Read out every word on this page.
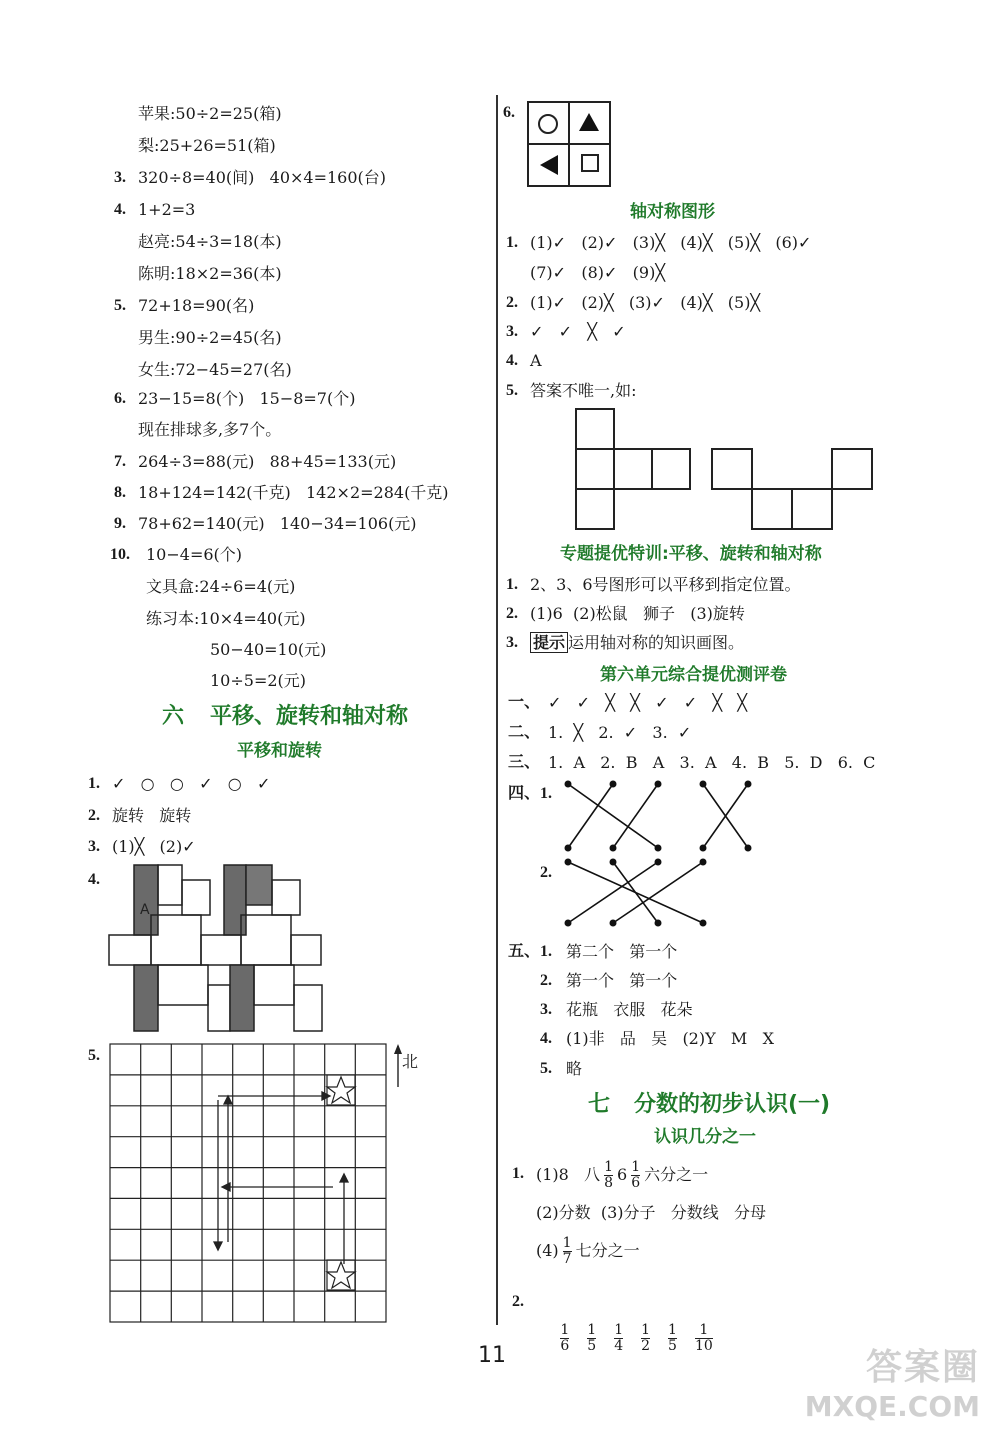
苹果:50÷2=25(箱)
梨:25+26=51(箱)
3. 320÷8=40(间)   40×4=160(台)
4. 1+2=3
赵亮:54÷3=18(本)
陈明:18×2=36(本)
5. 72+18=90(名)
男生:90÷2=45(名)
女生:72−45=27(名)
6. 23−15=8(个)   15−8=7(个)
现在排球多,多7个。
7. 264÷3=88(元)   88+45=133(元)
8. 18+124=142(千克)   142×2=284(千克)
9. 78+62=140(元)   140−34=106(元)
10. 10−4=6(个)
文具盒:24÷6=4(元)
练习本:10×4=40(元)
50−40=10(元)
10÷5=2(元)
六 平移、旋转和轴对称
平移和旋转
1. ✓   ○   ○   ✓   ○   ✓
2. 旋转   旋转
3. (1)╳   (2)✓
4.
A
5.	北
6.
轴对称图形
1. (1)✓   (2)✓   (3)╳   (4)╳   (5)╳   (6)✓
(7)✓   (8)✓   (9)╳
2. (1)✓   (2)╳   (3)✓   (4)╳   (5)╳
3. ✓   ✓   ╳   ✓
4. A
5. 答案不唯一,如:
专题提优特训:平移、旋转和轴对称
1. 2、3、6号图形可以平移到指定位置。
2. (1)6  (2)松鼠   狮子   (3)旋转
3. 提示 运用轴对称的知识画图。
第六单元综合提优测评卷
一、 ✓   ✓   ╳   ╳   ✓   ✓   ╳   ╳
二、 1.  ╳   2.  ✓   3.  ✓
三、 1.  A   2.  B   A   3.  A   4.  B   5.  D   6.  C
四、 1.
2.
五、 1. 第二个   第一个
2. 第一个   第一个
3. 花瓶   衣服   花朵
4. (1)非   品   吴   (2)Y   M   X
5. 略
七 分数的初步认识(一)
认识几分之一
1. (1)8   八 $\frac{1}{8} 6 \frac{1}{6}$ 六分之一
(2)分数  (3)分子   分数线   分母
$(4) \frac{1}{7}$ 七分之一
2.

$\frac{1}{6} \frac{1}{5} \frac{1}{4} \frac{1}{2} \frac{1}{5} \frac{1}{10}$

11	答案圈
MXQE.COM
